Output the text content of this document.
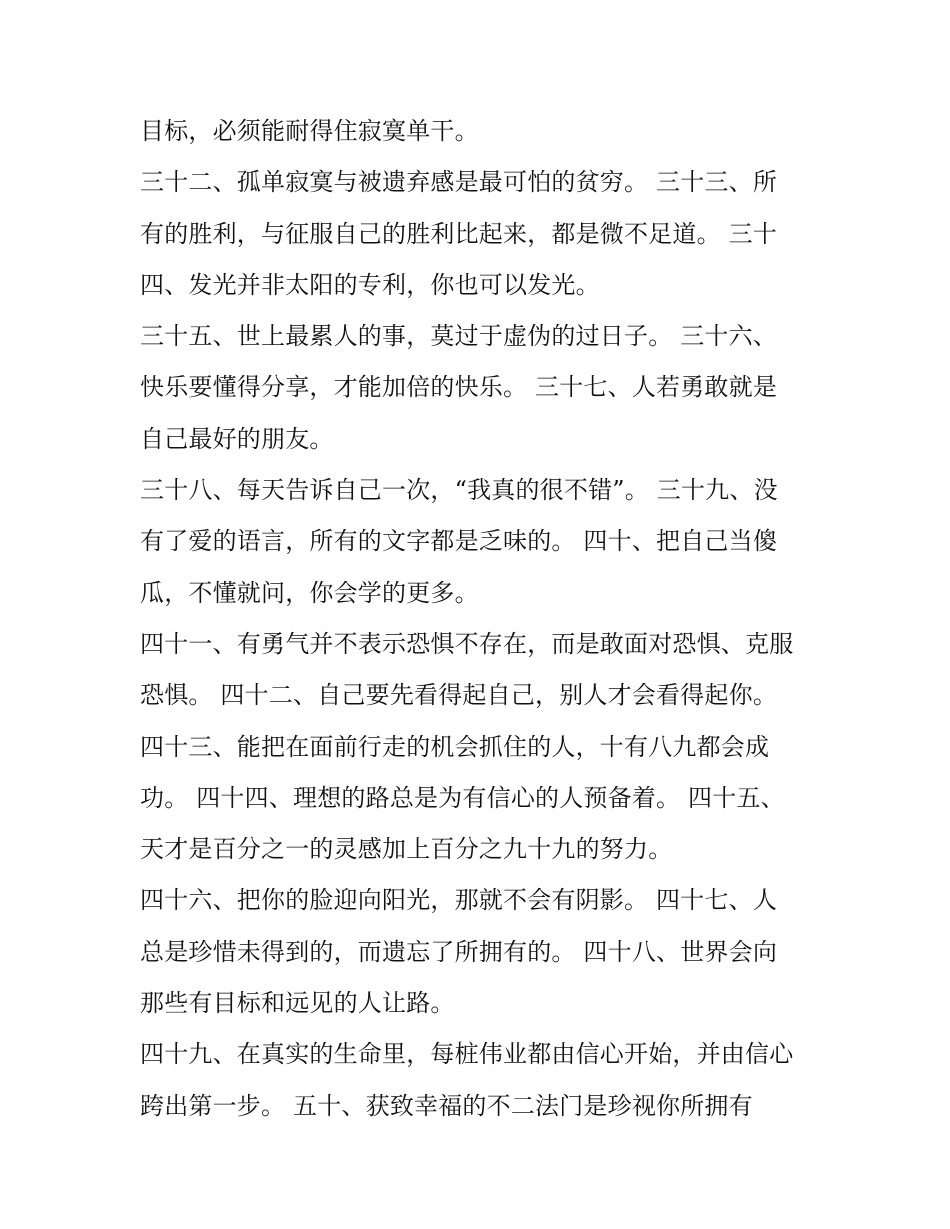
目标，必须能耐得住寂寞单干。
三十二、孤单寂寞与被遗弃感是最可怕的贫穷。 三十三、所
有的胜利，与征服自己的胜利比起来，都是微不足道。 三十
四、发光并非太阳的专利，你也可以发光。
三十五、世上最累人的事，莫过于虚伪的过日子。 三十六、
快乐要懂得分享，才能加倍的快乐。 三十七、人若勇敢就是
自己最好的朋友。
三十八、每天告诉自己一次，“我真的很不错”。 三十九、没
有了爱的语言，所有的文字都是乏味的。 四十、把自己当傻
瓜，不懂就问，你会学的更多。
四十一、有勇气并不表示恐惧不存在，而是敢面对恐惧、克服
恐惧。 四十二、自己要先看得起自己，别人才会看得起你。
四十三、能把在面前行走的机会抓住的人，十有八九都会成
功。 四十四、理想的路总是为有信心的人预备着。 四十五、
天才是百分之一的灵感加上百分之九十九的努力。
四十六、把你的脸迎向阳光，那就不会有阴影。 四十七、人
总是珍惜未得到的，而遗忘了所拥有的。 四十八、世界会向
那些有目标和远见的人让路。
四十九、在真实的生命里，每桩伟业都由信心开始，并由信心
跨出第一步。 五十、获致幸福的不二法门是珍视你所拥有
